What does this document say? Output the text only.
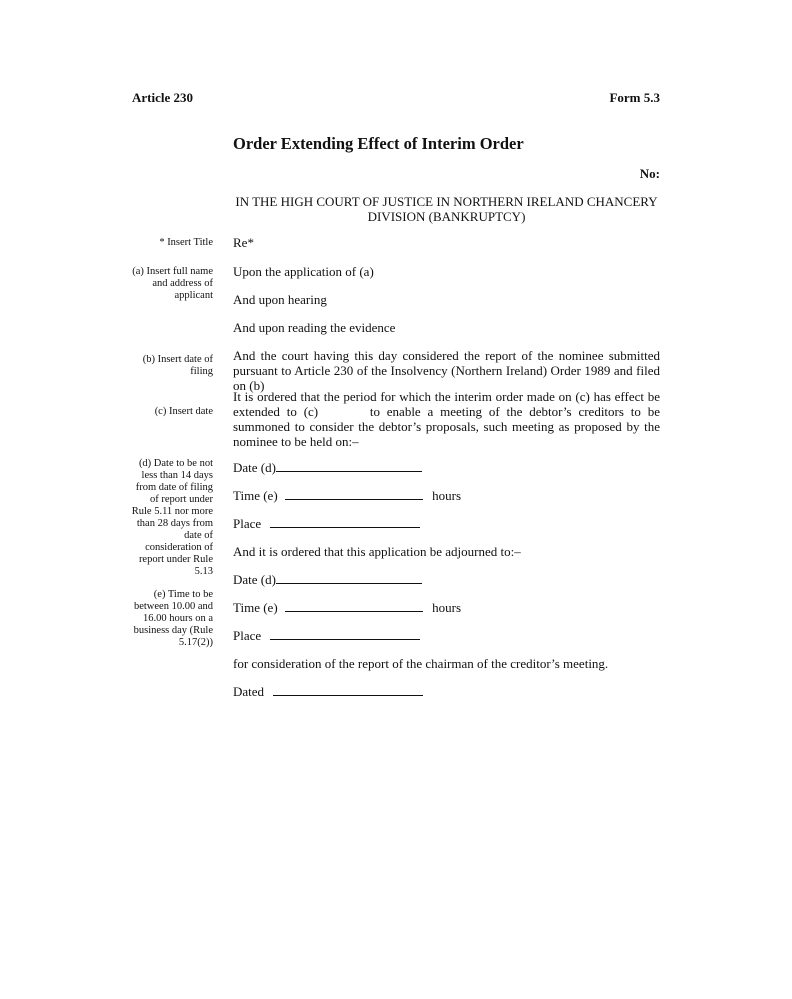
Article 230	Form 5.3
Order Extending Effect of Interim Order
No:
IN THE HIGH COURT OF JUSTICE IN NORTHERN IRELAND CHANCERY DIVISION (BANKRUPTCY)
* Insert Title
(a) Insert full name and address of applicant
(b) Insert date of filing
(c) Insert date
(d) Date to be not less than 14 days from date of filing of report under Rule 5.11 nor more than 28 days from date of consideration of report under Rule 5.13
(e) Time to be between 10.00 and 16.00 hours on a business day (Rule 5.17(2))
Re*
Upon the application of (a)
And upon hearing
And upon reading the evidence
And the court having this day considered the report of the nominee submitted pursuant to Article 230 of the Insolvency (Northern Ireland) Order 1989 and filed on (b)
It is ordered that the period for which the interim order made on (c) has effect be extended to (c)	to enable a meeting of the debtor’s creditors to be summoned to consider the debtor’s proposals, such meeting as proposed by the nominee to be held on:–
Date (d)
Time (e)	hours
Place
And it is ordered that this application be adjourned to:–
Date (d)
Time (e)	hours
Place
for consideration of the report of the chairman of the creditor’s meeting.
Dated
